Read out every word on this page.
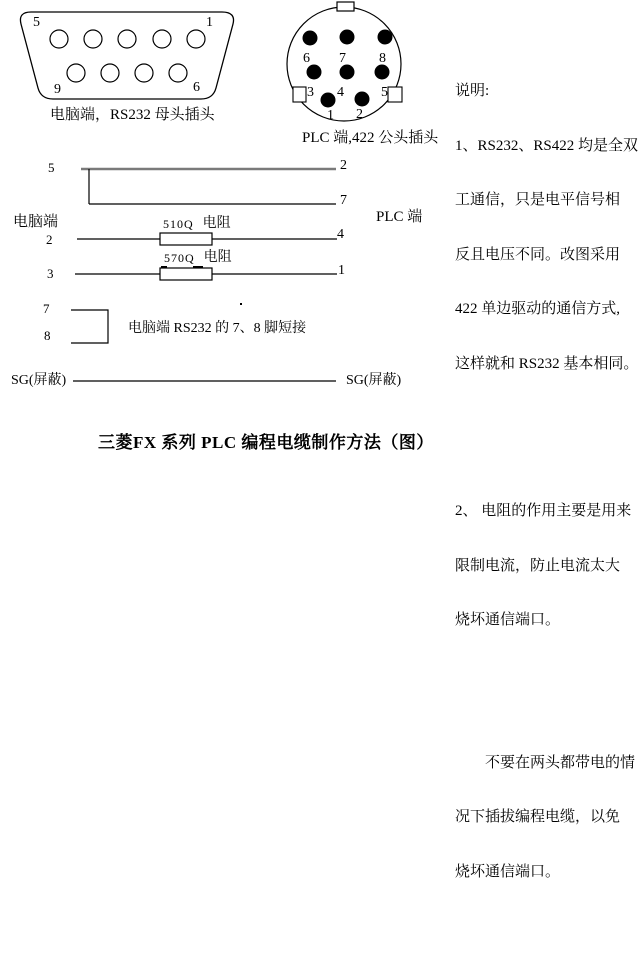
5	1
9	6
电脑端，RS232 母头插头
6 7 8
3 4	5
1 2
PLC 端,422 公头插头
5	2
7
电脑端	PLC 端
2	4
3	1
510Q 电阻
570Q 电阻
7
8	电脑端 RS232 的 7、8 脚短接
SG(屏蔽)	SG(屏蔽)

说明:

1、RS232、RS422 均是全双

工通信，只是电平信号相

反且电压不同。改图采用

422 单边驱动的通信方式,

这样就和 RS232 基本相同。

2、 电阻的作用主要是用来

限制电流，防止电流太大

烧坏通信端口。

　　不要在两头都带电的情

况下插拔编程电缆，以免

烧坏通信端口。

三菱FX 系列 PLC 编程电缆制作方法（图）
